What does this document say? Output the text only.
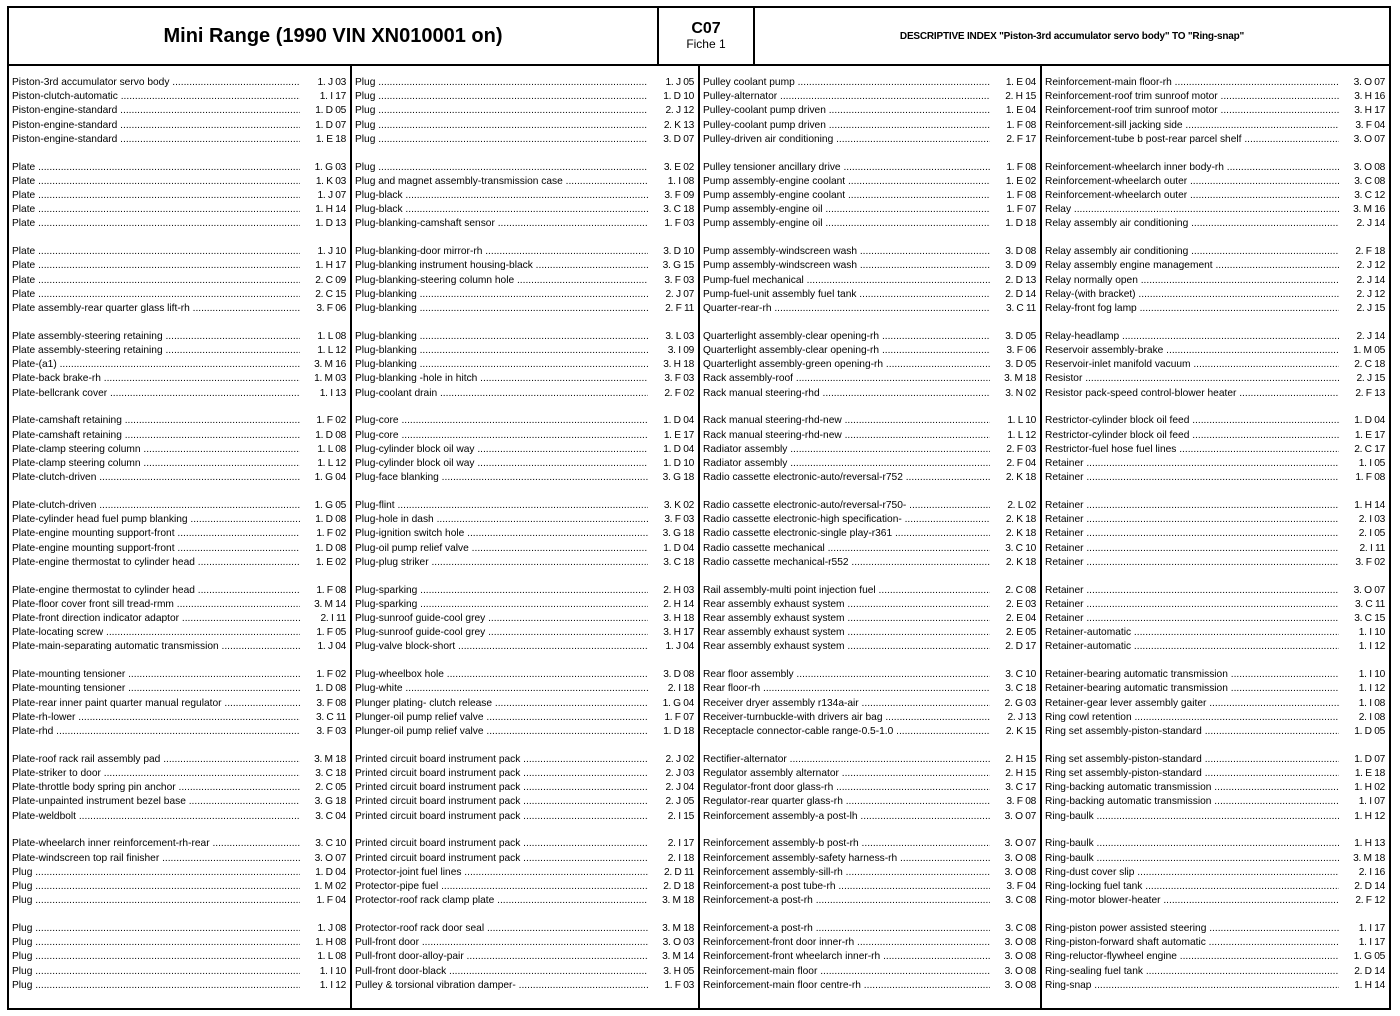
Mini Range (1990 VIN XN010001 on)	C07
Fiche 1
DESCRIPTIVE INDEX "Piston-3rd accumulator servo body" TO "Ring-snap"
Piston-3rd accumulator servo body .....	1. J 03
Piston-clutch-automatic .....	1. I 17
Piston-engine-standard .....	1. D 05
Piston-engine-standard .....	1. D 07
Piston-engine-standard .....	1. E 18
Plate .....	1. G 03
Plate .....	1. K 03
Plate .....	1. J 07
Plate .....	1. H 14
Plate .....	1. D 13
Plate .....	1. J 10
Plate .....	1. H 17
Plate .....	2. C 09
Plate .....	2. C 15
Plate assembly-rear quarter glass lift-rh .....	3. F 06
Plate assembly-steering retaining .....	1. L 08
Plate assembly-steering retaining .....	1. L 12
Plate-(a1) .....	3. M 16
Plate-back brake-rh .....	1. M 03
Plate-bellcrank cover .....	1. I 13
Plate-camshaft retaining .....	1. F 02
Plate-camshaft retaining .....	1. D 08
Plate-clamp steering column .....	1. L 08
Plate-clamp steering column .....	1. L 12
Plate-clutch-driven .....	1. G 04
Plate-clutch-driven .....	1. G 05
Plate-cylinder head fuel pump blanking .....	1. D 08
Plate-engine mounting support-front .....	1. F 02
Plate-engine mounting support-front .....	1. D 08
Plate-engine thermostat to cylinder head .....	1. E 02
Plate-engine thermostat to cylinder head .....	1. F 08
Plate-floor cover front sill tread-rmm .....	3. M 14
Plate-front direction indicator adaptor .....	2. I 11
Plate-locating screw .....	1. F 05
Plate-main-separating automatic transmission .....	1. J 04
Plate-mounting tensioner .....	1. F 02
Plate-mounting tensioner .....	1. D 08
Plate-rear inner paint quarter manual regulator .....	3. F 08
Plate-rh-lower .....	3. C 11
Plate-rhd .....	3. F 03
Plate-roof rack rail assembly pad .....	3. M 18
Plate-striker to door .....	3. C 18
Plate-throttle body spring pin anchor .....	2. C 05
Plate-unpainted instrument bezel base .....	3. G 18
Plate-weldbolt .....	3. C 04
Plate-wheelarch inner reinforcement-rh-rear .....	3. C 10
Plate-windscreen top rail finisher .....	3. O 07
Plug .....	1. D 04
Plug .....	1. M 02
Plug .....	1. F 04
Plug .....	1. J 08
Plug .....	1. H 08
Plug .....	1. L 08
Plug .....	1. I 10
Plug .....	1. I 12
Plug .....	1. J 05
Plug .....	1. D 10
Plug .....	2. J 12
Plug .....	2. K 13
Plug .....	3. D 07
Plug .....	3. E 02
Plug and magnet assembly-transmission case .....	1. I 08
Plug-black .....	3. F 09
Plug-black .....	3. C 18
Plug-blanking-camshaft sensor .....	1. F 03
Plug-blanking-door mirror-rh .....	3. D 10
Plug-blanking instrument housing-black .....	3. G 15
Plug-blanking-steering column hole .....	3. F 03
Plug-blanking .....	2. J 07
Plug-blanking .....	2. F 11
Plug-blanking .....	3. L 03
Plug-blanking .....	3. I 09
Plug-blanking .....	3. H 18
Plug-blanking -hole in hitch .....	3. F 03
Plug-coolant drain .....	2. F 02
Plug-core .....	1. D 04
Plug-core .....	1. E 17
Plug-cylinder block oil way .....	1. D 04
Plug-cylinder block oil way .....	1. D 10
Plug-face blanking .....	3. G 18
Plug-flint .....	3. K 02
Plug-hole in dash .....	3. F 03
Plug-ignition switch hole .....	3. G 18
Plug-oil pump relief valve .....	1. D 04
Plug-plug striker .....	3. C 18
Plug-sparking .....	2. H 03
Plug-sparking .....	2. H 14
Plug-sunroof guide-cool grey .....	3. H 18
Plug-sunroof guide-cool grey .....	3. H 17
Plug-valve block-short .....	1. J 04
Plug-wheelbox hole .....	3. D 08
Plug-white .....	2. I 18
Plunger plating- clutch release .....	1. G 04
Plunger-oil pump relief valve .....	1. F 07
Plunger-oil pump relief valve .....	1. D 18
Printed circuit board instrument pack .....	2. J 02
Printed circuit board instrument pack .....	2. J 03
Printed circuit board instrument pack .....	2. J 04
Printed circuit board instrument pack .....	2. J 05
Printed circuit board instrument pack .....	2. I 15
Printed circuit board instrument pack .....	2. I 17
Printed circuit board instrument pack .....	2. I 18
Protector-joint fuel lines .....	2. D 11
Protector-pipe fuel .....	2. D 18
Protector-roof rack clamp plate .....	3. M 18
Protector-roof rack door seal .....	3. M 18
Pull-front door .....	3. O 03
Pull-front door-alloy-pair .....	3. M 14
Pull-front door-black .....	3. H 05
Pulley & torsional vibration damper- .....	1. F 03
Pulley coolant pump .....	1. E 04
Pulley-alternator .....	2. H 15
Pulley-coolant pump driven .....	1. E 04
Pulley-coolant pump driven .....	1. F 08
Pulley-driven air conditioning .....	2. F 17
Pulley tensioner ancillary drive .....	1. F 08
Pump assembly-engine coolant .....	1. E 02
Pump assembly-engine coolant .....	1. F 08
Pump assembly-engine oil .....	1. F 07
Pump assembly-engine oil .....	1. D 18
Pump assembly-windscreen wash .....	3. D 08
Pump assembly-windscreen wash .....	3. D 09
Pump-fuel mechanical .....	2. D 13
Pump-fuel-unit assembly fuel tank .....	2. D 14
Quarter-rear-rh .....	3. C 11
Quarterlight assembly-clear opening-rh .....	3. D 05
Quarterlight assembly-clear opening-rh .....	3. F 06
Quarterlight assembly-green opening-rh .....	3. D 05
Rack assembly-roof .....	3. M 18
Rack manual steering-rhd .....	3. N 02
Rack manual steering-rhd-new .....	1. L 10
Rack manual steering-rhd-new .....	1. L 12
Radiator assembly .....	2. F 03
Radiator assembly .....	2. F 04
Radio cassette electronic-auto/reversal-r752 .....	2. K 18
Radio cassette electronic-auto/reversal-r750- .....	2. L 02
Radio cassette electronic-high specification- .....	2. K 18
Radio cassette electronic-single play-r361 .....	2. K 18
Radio cassette mechanical .....	3. C 10
Radio cassette mechanical-r552 .....	2. K 18
Rail assembly-multi point injection fuel .....	2. C 08
Rear assembly exhaust system .....	2. E 03
Rear assembly exhaust system .....	2. E 04
Rear assembly exhaust system .....	2. E 05
Rear assembly exhaust system .....	2. D 17
Rear floor assembly .....	3. C 10
Rear floor-rh .....	3. C 18
Receiver dryer assembly r134a-air .....	2. G 03
Receiver-turnbuckle-with drivers air bag .....	2. J 13
Receptacle connector-cable range-0.5-1.0 .....	2. K 15
Rectifier-alternator .....	2. H 15
Regulator assembly alternator .....	2. H 15
Regulator-front door glass-rh .....	3. C 17
Regulator-rear quarter glass-rh .....	3. F 08
Reinforcement assembly-a post-lh .....	3. O 07
Reinforcement assembly-b post-rh .....	3. O 07
Reinforcement assembly-safety harness-rh .....	3. O 08
Reinforcement assembly-sill-rh .....	3. O 08
Reinforcement-a post tube-rh .....	3. F 04
Reinforcement-a post-rh .....	3. C 08
Reinforcement-a post-rh .....	3. C 08
Reinforcement-front door inner-rh .....	3. O 08
Reinforcement-front wheelarch inner-rh .....	3. O 08
Reinforcement-main floor .....	3. O 08
Reinforcement-main floor centre-rh .....	3. O 08
Reinforcement-main floor-rh .....	3. O 07
Reinforcement-roof trim sunroof motor .....	3. H 16
Reinforcement-roof trim sunroof motor .....	3. H 17
Reinforcement-sill jacking side .....	3. F 04
Reinforcement-tube b post-rear parcel shelf .....	3. O 07
Reinforcement-wheelarch inner body-rh .....	3. O 08
Reinforcement-wheelarch outer .....	3. C 08
Reinforcement-wheelarch outer .....	3. C 12
Relay .....	3. M 16
Relay assembly air conditioning .....	2. J 14
Relay assembly air conditioning .....	2. F 18
Relay assembly engine management .....	2. J 12
Relay normally open .....	2. J 14
Relay-(with bracket) .....	2. J 12
Relay-front fog lamp .....	2. J 15
Relay-headlamp .....	2. J 14
Reservoir assembly-brake .....	1. M 05
Reservoir-inlet manifold vacuum .....	2. C 18
Resistor .....	2. J 15
Resistor pack-speed control-blower heater .....	2. F 13
Restrictor-cylinder block oil feed .....	1. D 04
Restrictor-cylinder block oil feed .....	1. E 17
Restrictor-fuel hose fuel lines .....	2. C 17
Retainer .....	1. I 05
Retainer .....	1. F 08
Retainer .....	1. H 14
Retainer .....	2. I 03
Retainer .....	2. I 05
Retainer .....	2. I 11
Retainer .....	3. F 02
Retainer .....	3. O 07
Retainer .....	3. C 11
Retainer .....	3. C 15
Retainer-automatic .....	1. I 10
Retainer-automatic .....	1. I 12
Retainer-bearing automatic transmission .....	1. I 10
Retainer-bearing automatic transmission .....	1. I 12
Retainer-gear lever assembly gaiter .....	1. I 08
Ring cowl retention .....	2. I 08
Ring set assembly-piston-standard .....	1. D 05
Ring set assembly-piston-standard .....	1. D 07
Ring set assembly-piston-standard .....	1. E 18
Ring-backing automatic transmission .....	1. H 02
Ring-backing automatic transmission .....	1. I 07
Ring-baulk .....	1. H 12
Ring-baulk .....	1. H 13
Ring-baulk .....	3. M 18
Ring-dust cover slip .....	2. I 16
Ring-locking fuel tank .....	2. D 14
Ring-motor blower-heater .....	2. F 12
Ring-piston power assisted steering .....	1. I 17
Ring-piston-forward shaft automatic .....	1. I 17
Ring-reluctor-flywheel engine .....	1. G 05
Ring-sealing fuel tank .....	2. D 14
Ring-snap .....	1. H 14
